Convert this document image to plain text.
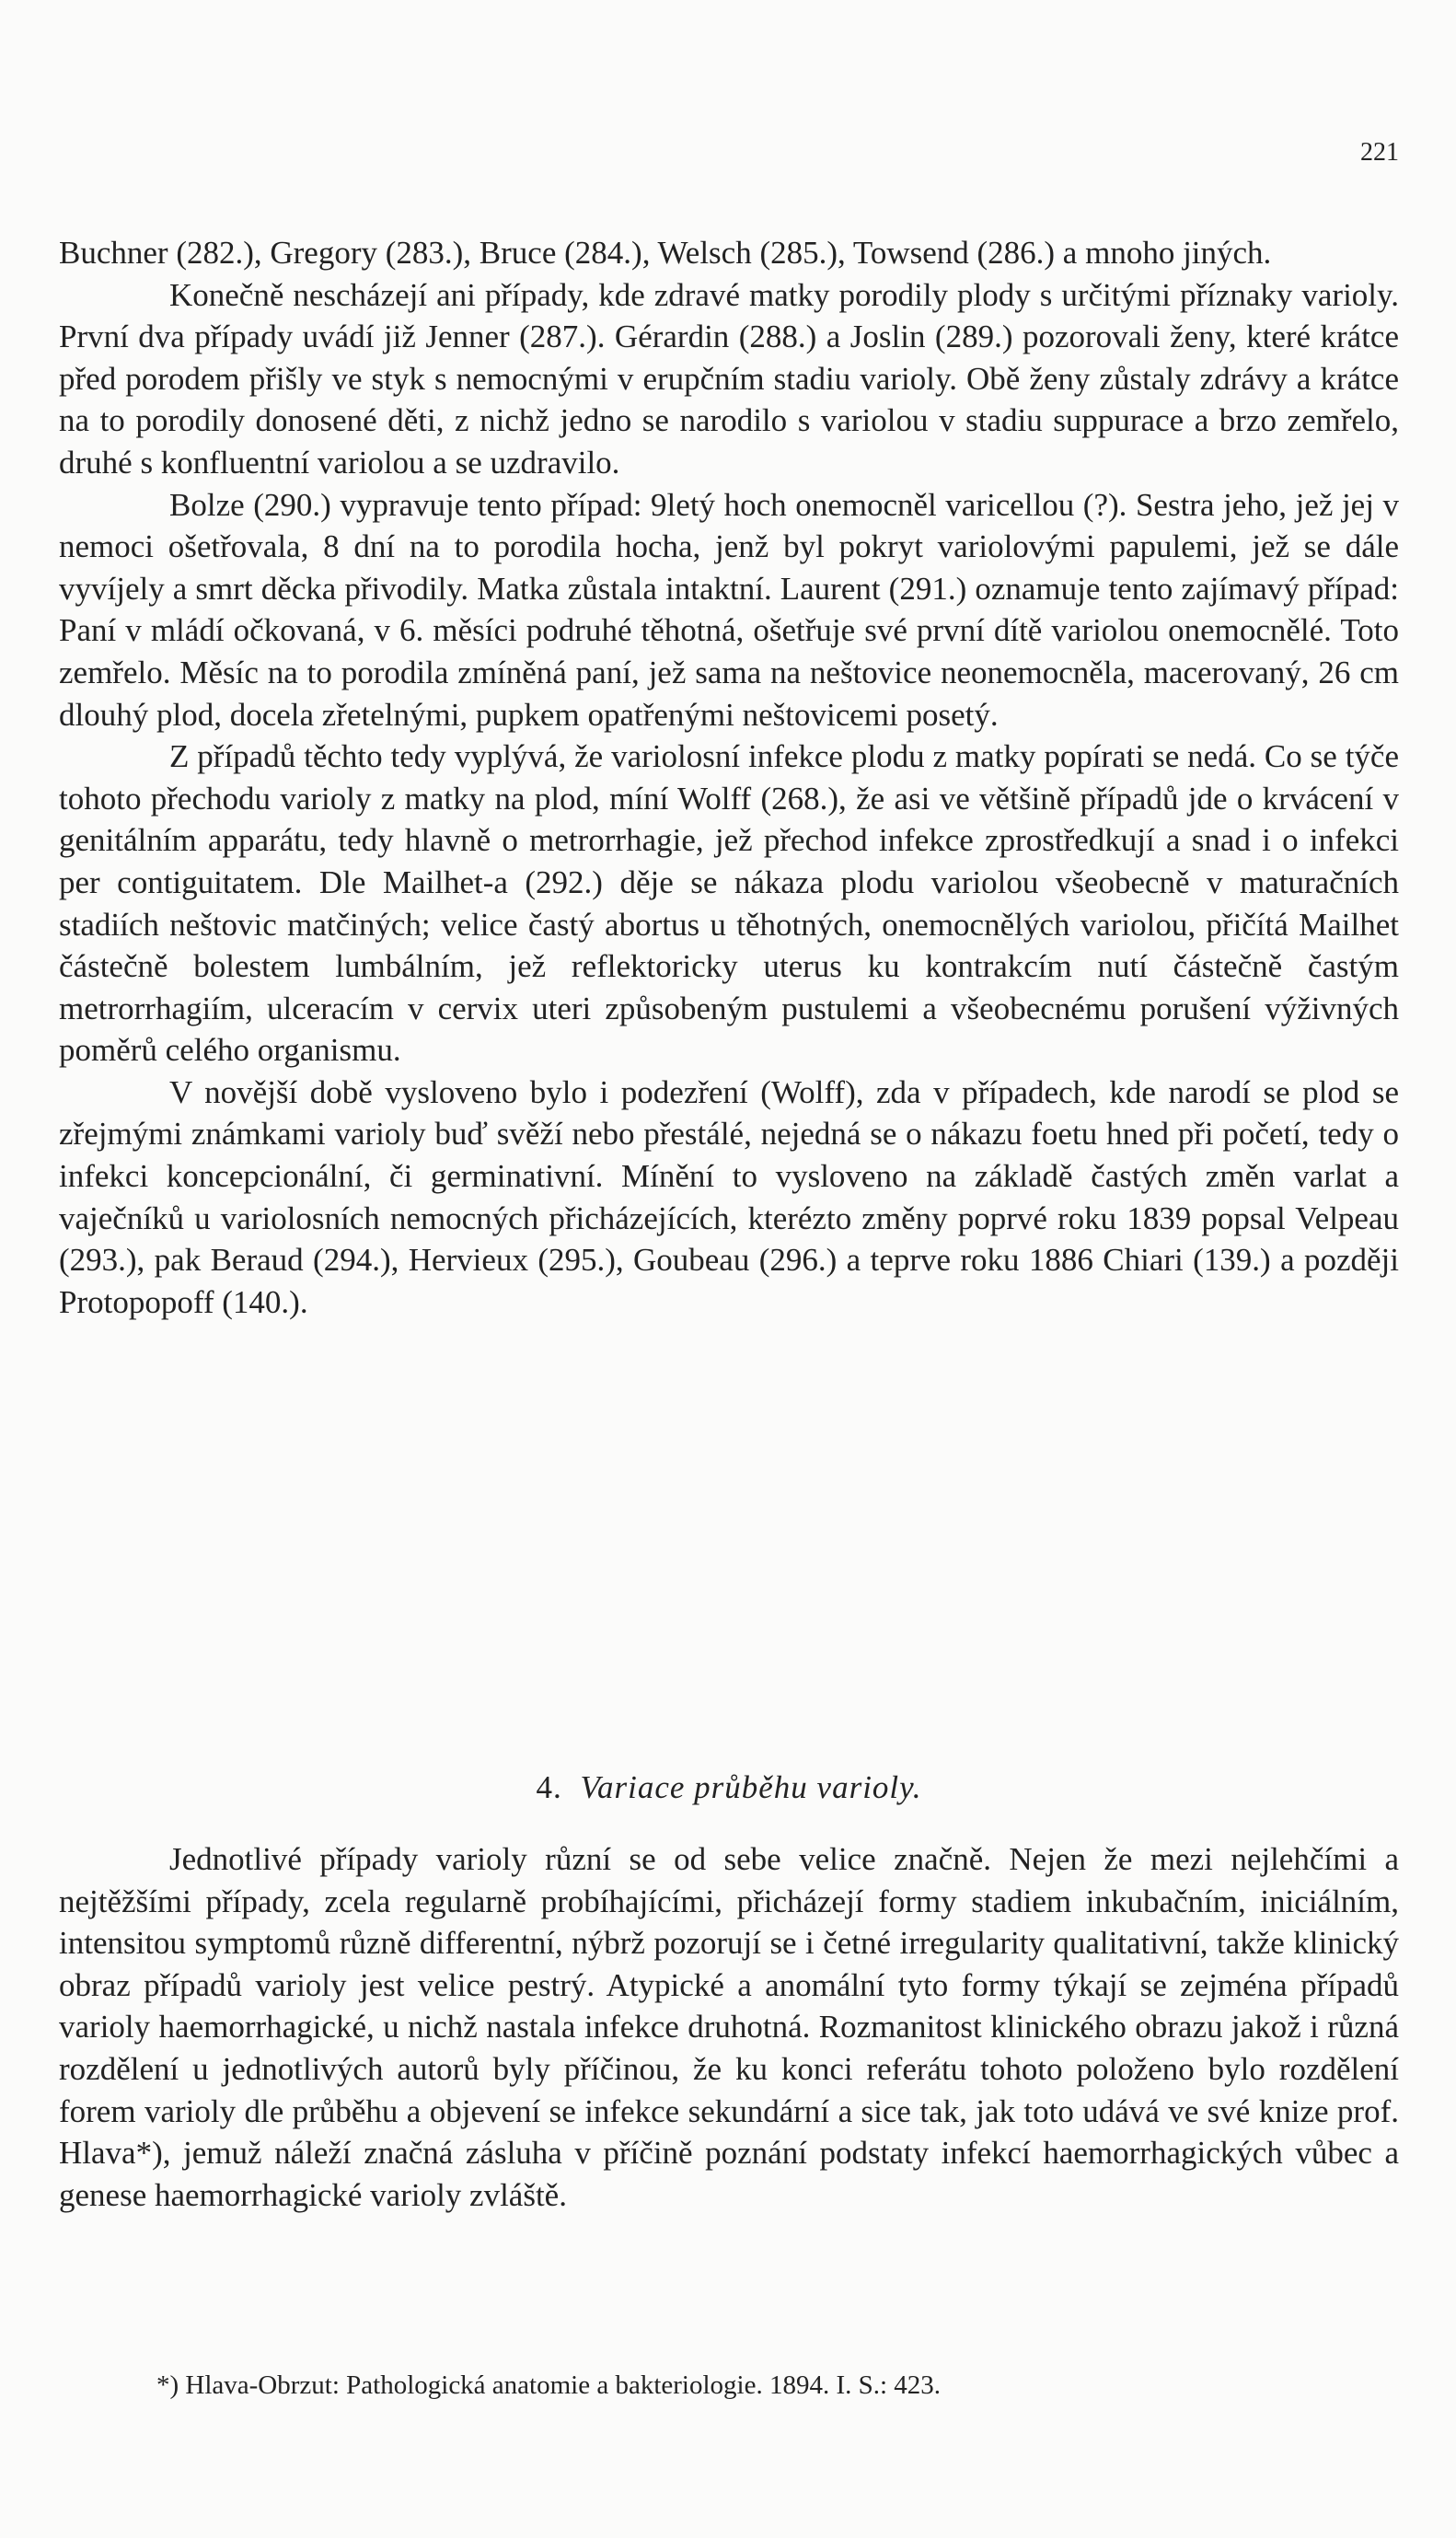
221

Buchner (282.), Gregory (283.), Bruce (284.), Welsch (285.), Towsend (286.) a mnoho jiných.

Konečně nescházejí ani případy, kde zdravé matky porodily plody s určitými příznaky varioly. První dva případy uvádí již Jenner (287.). Gérardin (288.) a Joslin (289.) pozorovali ženy, které krátce před porodem přišly ve styk s nemocnými v erupčním stadiu varioly. Obě ženy zůstaly zdrávy a krátce na to porodily donosené děti, z nichž jedno se narodilo s variolou v stadiu suppurace a brzo zemřelo, druhé s konfluentní variolou a se uzdravilo.

Bolze (290.) vypravuje tento případ: 9letý hoch onemocněl varicellou (?). Sestra jeho, jež jej v nemoci ošetřovala, 8 dní na to porodila hocha, jenž byl pokryt variolovými papulemi, jež se dále vyvíjely a smrt děcka přivodily. Matka zůstala intaktní. Laurent (291.) oznamuje tento zajímavý případ: Paní v mládí očkovaná, v 6. měsíci podruhé těhotná, ošetřuje své první dítě variolou onemocnělé. Toto zemřelo. Měsíc na to porodila zmíněná paní, jež sama na neštovice neonemocněla, macerovaný, 26 cm dlouhý plod, docela zřetelnými, pupkem opatřenými neštovicemi posetý.

Z případů těchto tedy vyplývá, že variolosní infekce plodu z matky popírati se nedá. Co se týče tohoto přechodu varioly z matky na plod, míní Wolff (268.), že asi ve většině případů jde o krvácení v genitálním apparátu, tedy hlavně o metrorrhagie, jež přechod infekce zprostředkují a snad i o infekci per contiguitatem. Dle Mailhet-a (292.) děje se nákaza plodu variolou všeobecně v maturačních stadiích neštovic matčiných; velice častý abortus u těhotných, onemocnělých variolou, přičítá Mailhet částečně bolestem lumbálním, jež reflektoricky uterus ku kontrakcím nutí částečně častým metrorrhagiím, ulceracím v cervix uteri způsobeným pustulemi a všeobecnému porušení výživných poměrů celého organismu.

V novější době vysloveno bylo i podezření (Wolff), zda v případech, kde narodí se plod se zřejmými známkami varioly buď svěží nebo přestálé, nejedná se o nákazu foetu hned při početí, tedy o infekci koncepcionální, či germinativní. Mínění to vysloveno na základě častých změn varlat a vaječníků u variolosních nemocných přicházejících, kterézto změny poprvé roku 1839 popsal Velpeau (293.), pak Beraud (294.), Hervieux (295.), Goubeau (296.) a teprve roku 1886 Chiari (139.) a později Protopopoff (140.).

4. Variace průběhu varioly.

Jednotlivé případy varioly různí se od sebe velice značně. Nejen že mezi nejlehčími a nejtěžšími případy, zcela regularně probíhajícími, přicházejí formy stadiem inkubačním, iniciálním, intensitou symptomů různě differentní, nýbrž pozorují se i četné irregularity qualitativní, takže klinický obraz případů varioly jest velice pestrý. Atypické a anomální tyto formy týkají se zejména případů varioly haemorrhagické, u nichž nastala infekce druhotná. Rozmanitost klinického obrazu jakož i různá rozdělení u jednotlivých autorů byly příčinou, že ku konci referátu tohoto položeno bylo rozdělení forem varioly dle průběhu a objevení se infekce sekundární a sice tak, jak toto udává ve své knize prof. Hlava*), jemuž náleží značná zásluha v příčině poznání podstaty infekcí haemorrhagických vůbec a genese haemorrhagické varioly zvláště.

*) Hlava-Obrzut: Pathologická anatomie a bakteriologie. 1894. I. S.: 423.
